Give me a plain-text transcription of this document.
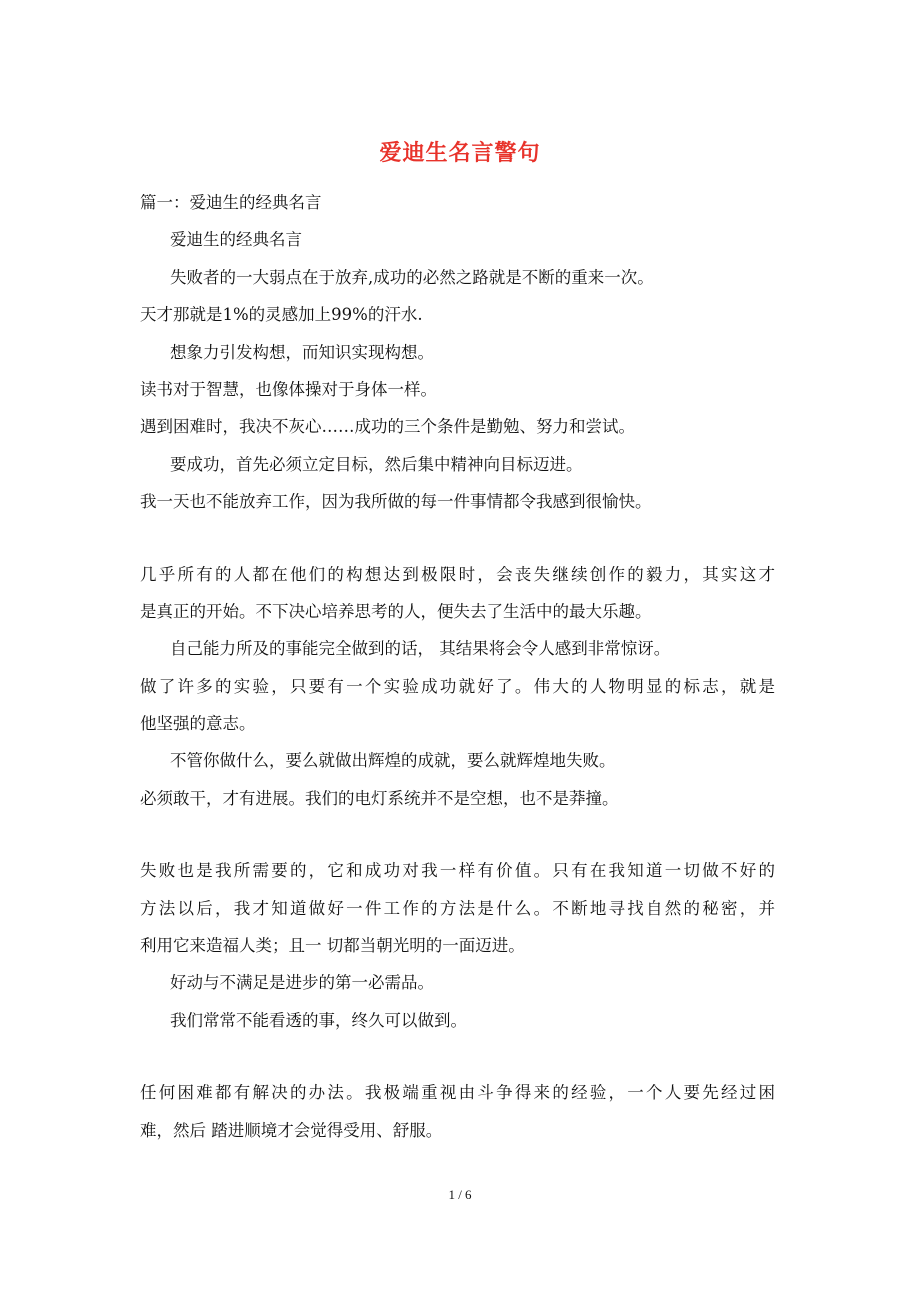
爱迪生名言警句
篇一：爱迪生的经典名言
爱迪生的经典名言
失败者的一大弱点在于放弃,成功的必然之路就是不断的重来一次。
天才那就是1%的灵感加上99%的汗水.
想象力引发构想，而知识实现构想。
读书对于智慧，也像体操对于身体一样。
遇到困难时，我决不灰心……成功的三个条件是勤勉、努力和尝试。
要成功，首先必须立定目标，然后集中精神向目标迈进。
我一天也不能放弃工作，因为我所做的每一件事情都令我感到很愉快。
几乎所有的人都在他们的构想达到极限时，会丧失继续创作的毅力，其实这才
是真正的开始。不下决心培养思考的人，便失去了生活中的最大乐趣。
自己能力所及的事能完全做到的话， 其结果将会令人感到非常惊讶。
做了许多的实验，只要有一个实验成功就好了。伟大的人物明显的标志，就是
他坚强的意志。
不管你做什么，要么就做出辉煌的成就，要么就辉煌地失败。
必须敢干，才有进展。我们的电灯系统并不是空想，也不是莽撞。
失败也是我所需要的，它和成功对我一样有价值。只有在我知道一切做不好的
方法以后，我才知道做好一件工作的方法是什么。不断地寻找自然的秘密，并
利用它来造福人类；且一 切都当朝光明的一面迈进。
好动与不满足是进步的第一必需品。
我们常常不能看透的事，终久可以做到。
任何困难都有解决的办法。我极端重视由斗争得来的经验，一个人要先经过困
难，然后 踏进顺境才会觉得受用、舒服。
1 / 6
